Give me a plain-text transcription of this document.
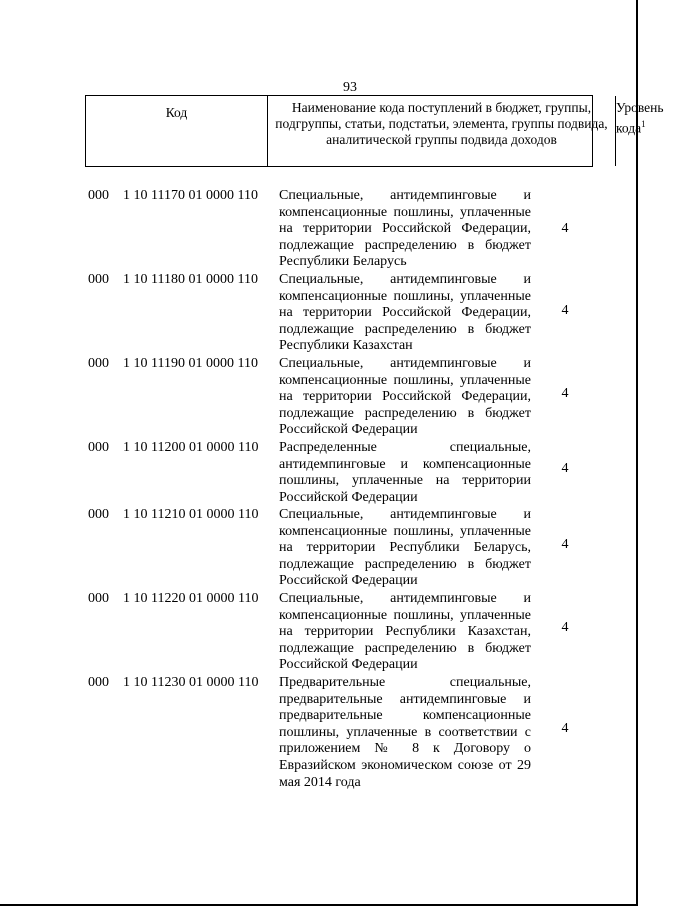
93
Код	Наименование кода поступлений в бюджет, группы, подгруппы, статьи, подстатьи, элемента, группы подвида, аналитической группы подвида доходов
Уровень кода$^1$
000 1 10 11170 01 0000 110 Специальные, антидемпинговые и компенсационные пошлины, уплаченные на территории Российской Федерации, подлежащие распределению в бюджет Республики Беларусь
4
000 1 10 11180 01 0000 110 Специальные, антидемпинговые и компенсационные пошлины, уплаченные на территории Российской Федерации, подлежащие распределению в бюджет Республики Казахстан
4
000 1 10 11190 01 0000 110 Специальные, антидемпинговые и компенсационные пошлины, уплаченные на территории Российской Федерации, подлежащие распределению в бюджет Российской Федерации
4
000 1 10 11200 01 0000 110 Распределенные специальные, антидемпинговые и компенсационные пошлины, уплаченные на территории Российской Федерации
4
000 1 10 11210 01 0000 110 Специальные, антидемпинговые и компенсационные пошлины, уплаченные на территории Республики Беларусь, подлежащие распределению в бюджет Российской Федерации
4
000 1 10 11220 01 0000 110 Специальные, антидемпинговые и компенсационные пошлины, уплаченные на территории Республики Казахстан, подлежащие распределению в бюджет Российской Федерации
4
000 1 10 11230 01 0000 110 Предварительные специальные, предварительные антидемпинговые и предварительные компенсационные пошлины, уплаченные в соответствии с приложением № 8 к Договору о Евразийском экономическом союзе от 29 мая 2014 года
4
